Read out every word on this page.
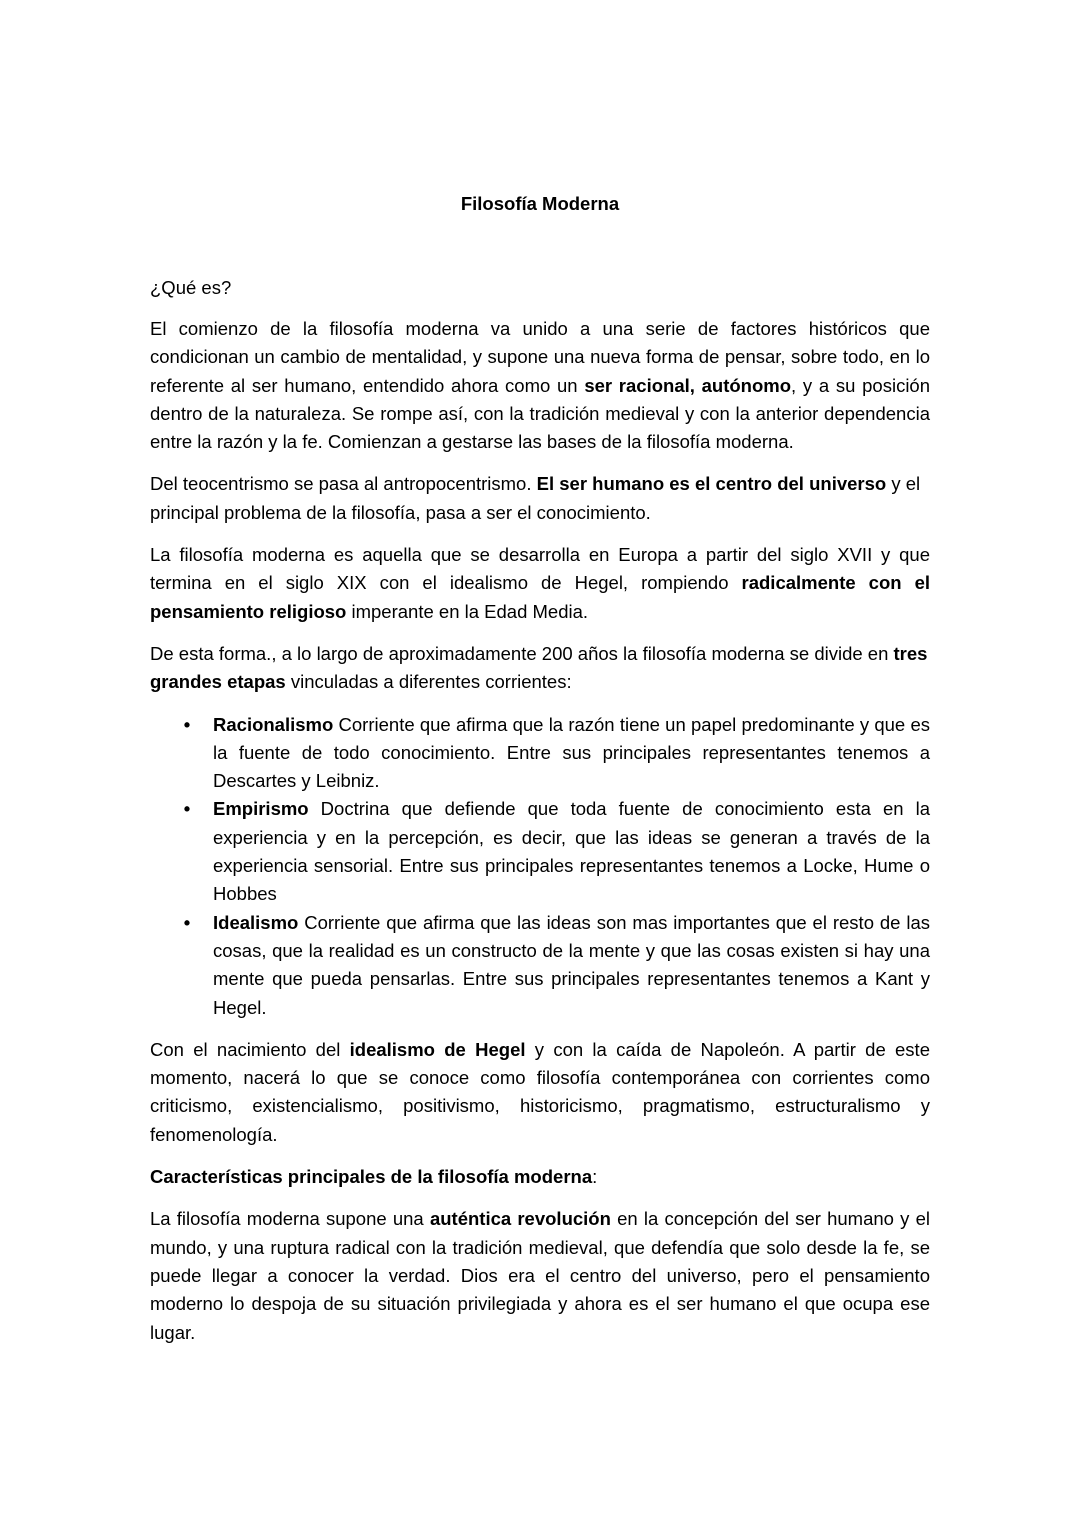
Filosofía Moderna

¿Qué es?

El comienzo de la filosofía moderna va unido a una serie de factores históricos que condicionan un cambio de mentalidad, y supone una nueva forma de pensar, sobre todo, en lo referente al ser humano, entendido ahora como un ser racional, autónomo, y a su posición dentro de la naturaleza. Se rompe así, con la tradición medieval y con la anterior dependencia entre la razón y la fe. Comienzan a gestarse las bases de la filosofía moderna.

Del teocentrismo se pasa al antropocentrismo. El ser humano es el centro del universo y el principal problema de la filosofía, pasa a ser el conocimiento.

La filosofía moderna es aquella que se desarrolla en Europa a partir del siglo XVII y que termina en el siglo XIX con el idealismo de Hegel, rompiendo radicalmente con el pensamiento religioso imperante en la Edad Media.

De esta forma., a lo largo de aproximadamente 200 años la filosofía moderna se divide en tres grandes etapas vinculadas a diferentes corrientes:

• Racionalismo Corriente que afirma que la razón tiene un papel predominante y que es la fuente de todo conocimiento. Entre sus principales representantes tenemos a Descartes y Leibniz.
• Empirismo Doctrina que defiende que toda fuente de conocimiento esta en la experiencia y en la percepción, es decir, que las ideas se generan a través de la experiencia sensorial. Entre sus principales representantes tenemos a Locke, Hume o Hobbes
• Idealismo Corriente que afirma que las ideas son mas importantes que el resto de las cosas, que la realidad es un constructo de la mente y que las cosas existen si hay una mente que pueda pensarlas. Entre sus principales representantes tenemos a Kant y Hegel.

Con el nacimiento del idealismo de Hegel y con la caída de Napoleón. A partir de este momento, nacerá lo que se conoce como filosofía contemporánea con corrientes como criticismo, existencialismo, positivismo, historicismo, pragmatismo, estructuralismo y fenomenología.

Características principales de la filosofía moderna:

La filosofía moderna supone una auténtica revolución en la concepción del ser humano y el mundo, y una ruptura radical con la tradición medieval, que defendía que solo desde la fe, se puede llegar a conocer la verdad. Dios era el centro del universo, pero el pensamiento moderno lo despoja de su situación privilegiada y ahora es el ser humano el que ocupa ese lugar.
